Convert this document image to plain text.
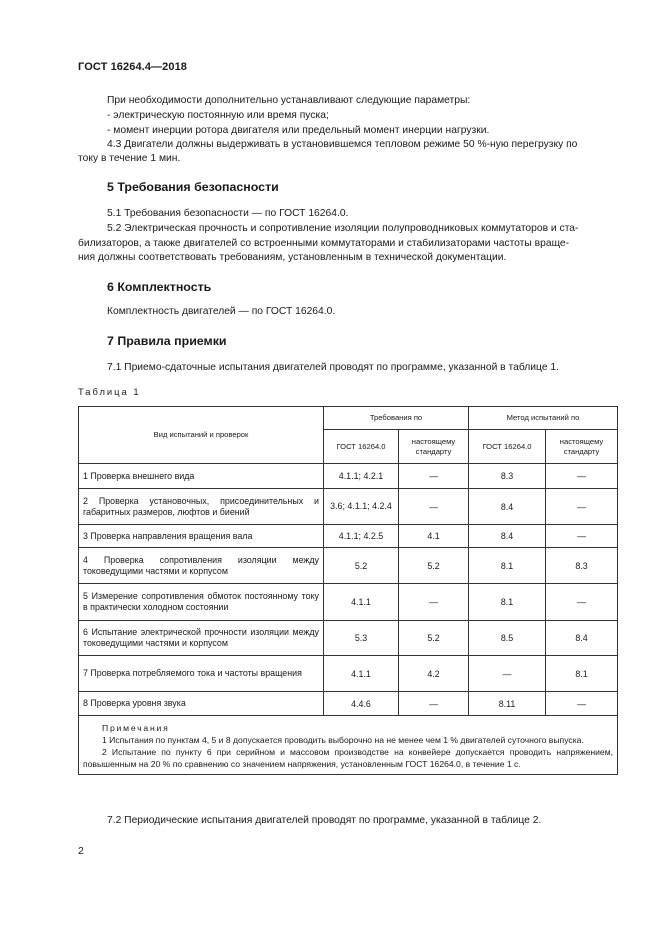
ГОСТ 16264.4—2018
При необходимости дополнительно устанавливают следующие параметры:
- электрическую постоянную или время пуска;
- момент инерции ротора двигателя или предельный момент инерции нагрузки.
4.3 Двигатели должны выдерживать в установившемся тепловом режиме 50 %-ную перегрузку по
току в течение 1 мин.
5 Требования безопасности
5.1 Требования безопасности — по ГОСТ 16264.0.
5.2 Электрическая прочность и сопротивление изоляции полупроводниковых коммутаторов и ста-
билизаторов, а также двигателей со встроенными коммутаторами и стабилизаторами частоты враще-
ния должны соответствовать требованиям, установленным в технической документации.
6 Комплектность
Комплектность двигателей — по ГОСТ 16264.0.
7 Правила приемки
7.1 Приемо-сдаточные испытания двигателей проводят по программе, указанной в таблице 1.
Таблица 1
Вид испытаний и проверок	Требования по		Метод испытаний по	
	ГОСТ 16264.0	настоящему стандарту	ГОСТ 16264.0	настоящему стандарту
1 Проверка внешнего вида	4.1.1; 4.2.1	—	8.3	—
2 Проверка установочных, присоединительных и габаритных размеров, люфтов и биений	3.6; 4.1.1; 4.2.4	—	8.4	—
3 Проверка направления вращения вала	4.1.1; 4.2.5	4.1	8.4	—
4 Проверка сопротивления изоляции между токоведущими частями и корпусом	5.2	5.2	8.1	8.3
5 Измерение сопротивления обмоток постоянному току в практически холодном состоянии	4.1.1	—	8.1	—
6 Испытание электрической прочности изоляции между токоведущими частями и корпусом	5.3	5.2	8.5	8.4
7 Проверка потребляемого тока и частоты вращения	4.1.1	4.2	—	8.1
8 Проверка уровня звука	4.4.6	—	8.11	—

Примечания
1 Испытания по пунктам 4, 5 и 8 допускается проводить выборочно на не менее чем 1 % двигателей суточного выпуска.
2 Испытание по пункту 6 при серийном и массовом производстве на конвейере допускается проводить напряжением, повышенным на 20 % по сравнению со значением напряжения, установленным ГОСТ 16264.0, в течение 1 с.				
7.2 Периодические испытания двигателей проводят по программе, указанной в таблице 2.
2
